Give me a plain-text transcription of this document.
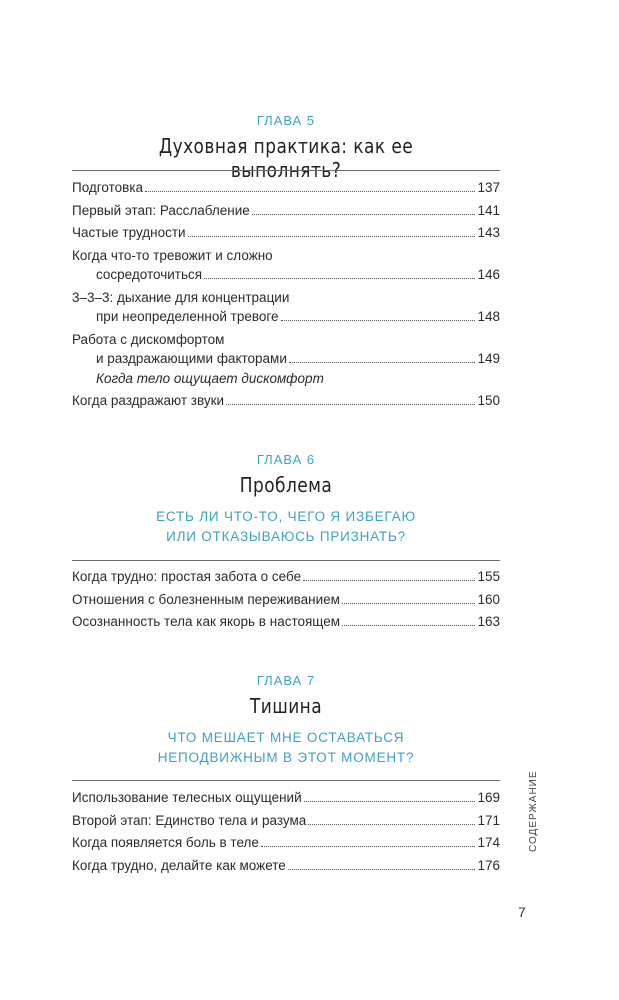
ГЛАВА 5
Духовная практика: как ее выполнять?
Подготовка	137
Первый этап: Расслабление	141
Частые трудности	143
Когда что-то тревожит и сложно
сосредоточиться	146
3–3–3: дыхание для концентрации
при неопределенной тревоге	148
Работа с дискомфортом
и раздражающими факторами	149
Когда тело ощущает дискомфорт
Когда раздражают звуки	150
ГЛАВА 6
Проблема
ЕСТЬ ЛИ ЧТО-ТО, ЧЕГО Я ИЗБЕГАЮ
ИЛИ ОТКАЗЫВАЮСЬ ПРИЗНАТЬ?
Когда трудно: простая забота о себе	155
Отношения с болезненным переживанием	160
Осознанность тела как якорь в настоящем	163
ГЛАВА 7
Тишина
ЧТО МЕШАЕТ МНЕ ОСТАВАТЬСЯ
НЕПОДВИЖНЫМ В ЭТОТ МОМЕНТ?
Использование телесных ощущений	169
Второй этап: Единство тела и разума	171
Когда появляется боль в теле	174
Когда трудно, делайте как можете	176
СОДЕРЖАНИЕ
7
